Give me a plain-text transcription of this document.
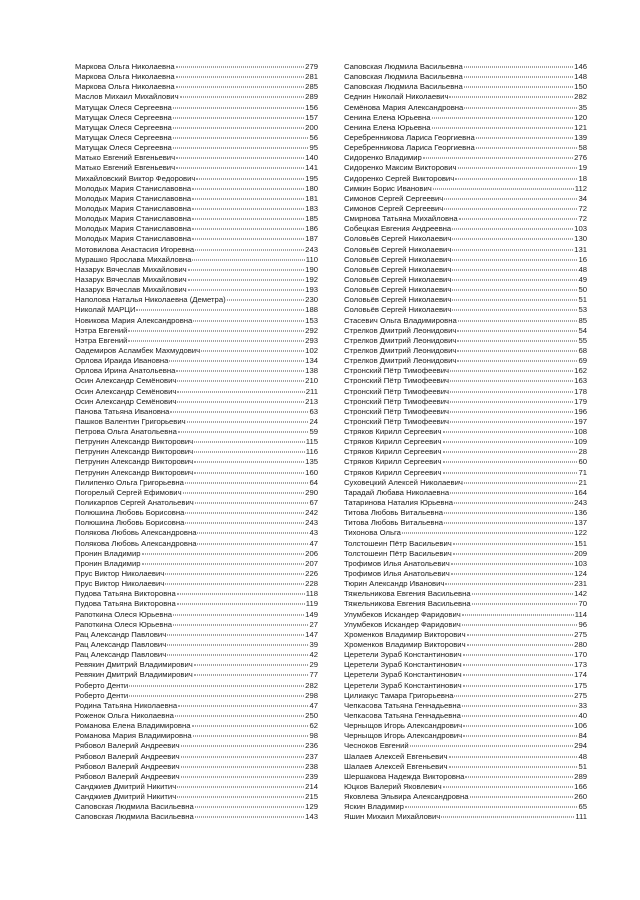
Маркова Ольга Николаевна	279
Маркова Ольга Николаевна	281
Маркова Ольга Николаевна	285
Маслов Михаил Михайлович	289
Матущак Олеся Сергеевна	156
Матущак Олеся Сергеевна	157
Матущак Олеся Сергеевна	200
Матущак Олеся Сергеевна	56
Матущак Олеся Сергеевна	95
Матько Евгений Евгеньевич	140
Матько Евгений Евгеньевич	141
Михайловский Виктор Федорович	195
Молодых Мария Станиславовна	180
Молодых Мария Станиславовна	181
Молодых Мария Станиславовна	183
Молодых Мария Станиславовна	185
Молодых Мария Станиславовна	186
Молодых Мария Станиславовна	187
Мотовилова Анастасия Игоревна	243
Мурашко Ярослава Михайловна	110
Назарук Вячеслав Михайлович	190
Назарук Вячеслав Михайлович	192
Назарук Вячеслав Михайлович	193
Наполова Наталья Николаевна (Деметра)	230
Николай МАРЦИ	188
Новикова Мария Александровна	153
Нэтра Евгений	292
Нэтра Евгений	293
Оадемиров Асламбек Махмудович	102
Орлова Ираида Ивановна	134
Орлова Ирина Анатольевна	138
Осин Александр Семёнович	210
Осин Александр Семёнович	211
Осин Александр Семёнович	213
Панова Татьяна Ивановна	63
Пашков Валентин Григорьевич	24
Петрова Ольга Анатольевна	59
Петрунин Александр Викторович	115
Петрунин Александр Викторович	116
Петрунин Александр Викторович	135
Петрунин Александр Викторович	160
Пилипенко Ольга Григорьевна	64
Погорелый Сергей Ефимович	290
Поликарпов Сергей Анатольевич	67
Полюшина Любовь Борисовна	242
Полюшина Любовь Борисовна	243
Полякова Любовь Александровна	43
Полякова Любовь Александровна	47
Пронин Владимир	206
Пронин Владимир	207
Прус Виктор Николаевич	226
Прус Виктор Николаевич	228
Пудова Татьяна Викторовна	118
Пудова Татьяна Викторовна	119
Рапоткина Олеся Юрьевна	149
Рапоткина Олеся Юрьевна	27
Рац Александр Павлович	147
Рац Александр Павлович	39
Рац Александр Павлович	42
Ревякин Дмитрий Владимирович	29
Ревякин Дмитрий Владимирович	77
Роберто Денти	282
Роберто Денти	298
Родина Татьяна Николаевна	47
Роженок Ольга Николаевна	250
Романова Елена Владимировна	62
Романова Мария Владимировна	98
Рябовол Валерий Андреевич	236
Рябовол Валерий Андреевич	237
Рябовол Валерий Андреевич	238
Рябовол Валерий Андреевич	239
Санджиев Дмитрий Никитич	214
Санджиев Дмитрий Никитич	215
Саповская Людмила Васильевна	129
Саповская Людмила Васильевна	143
Саповская Людмила Васильевна	146
Саповская Людмила Васильевна	148
Саповская Людмила Васильевна	150
Седнин Николай Николаевич	282
Семёнова Мария Александровна	35
Сенина Елена Юрьевна	120
Сенина Елена Юрьевна	121
Серебренникова Лариса Георгиевна	139
Серебренникова Лариса Георгиевна	58
Сидоренко Владимир	276
Сидоренко Максим Викторович	19
Сидоренко Сергей Викторович	18
Симкин Борис Иванович	112
Симонов Сергей Сергеевич	34
Симонов Сергей Сергеевич	72
Смирнова Татьяна Михайловна	72
Собецкая Евгения Андреевна	103
Соловьёв Сергей Николаевич	130
Соловьёв Сергей Николаевич	131
Соловьёв Сергей Николаевич	16
Соловьёв Сергей Николаевич	48
Соловьёв Сергей Николаевич	49
Соловьёв Сергей Николаевич	50
Соловьёв Сергей Николаевич	51
Соловьёв Сергей Николаевич	53
Стасевич Ольга Владимировна	85
Стрелков Дмитрий Леонидович	54
Стрелков Дмитрий Леонидович	55
Стрелков Дмитрий Леонидович	68
Стрелков Дмитрий Леонидович	69
Стронский Пётр Тимофеевич	162
Стронский Пётр Тимофеевич	163
Стронский Пётр Тимофеевич	178
Стронский Пётр Тимофеевич	179
Стронский Пётр Тимофеевич	196
Стронский Пётр Тимофеевич	197
Стряков Кирилл Сергеевич	108
Стряков Кирилл Сергеевич	109
Стряков Кирилл Сергеевич	28
Стряков Кирилл Сергеевич	60
Стряков Кирилл Сергеевич	71
Суховецкий Алексей Николаевич	21
Тарадай Любава Николаевна	164
Татаринова Наталия Юрьевна	243
Титова Любовь Витальевна	136
Титова Любовь Витальевна	137
Тихонова Ольга	122
Толстошеин Пётр Васильевич	151
Толстошеин Пётр Васильевич	209
Трофимов Илья Анатольевич	103
Трофимов Илья Анатольевич	124
Тюрин Александр Иванович	231
Тяжельникова Евгения Васильевна	142
Тяжельникова Евгения Васильевна	70
Улумбеков Искандер Фаридович	114
Улумбеков Искандер Фаридович	96
Хроменков Владимир Викторович	275
Хроменков Владимир Викторович	280
Церетели Зураб Константинович	170
Церетели Зураб Константинович	173
Церетели Зураб Константинович	174
Церетели Зураб Константинович	175
Цилиакус Тамара Григорьевна	275
Чепкасова Татьяна Геннадьевна	33
Чепкасова Татьяна Геннадьевна	40
Черныщов Игорь Александрович	106
Черныщов Игорь Александрович	84
Чесноков Евгений	294
Шалаев Алексей Евгеньевич	48
Шалаев Алексей Евгеньевич	51
Шершакова Надежда Викторовна	289
Юцков Валерий Яковлевич	166
Яковлева Эльвира Александровна	260
Яскин Владимир	65
Яшин Михаил Михайлович	111
